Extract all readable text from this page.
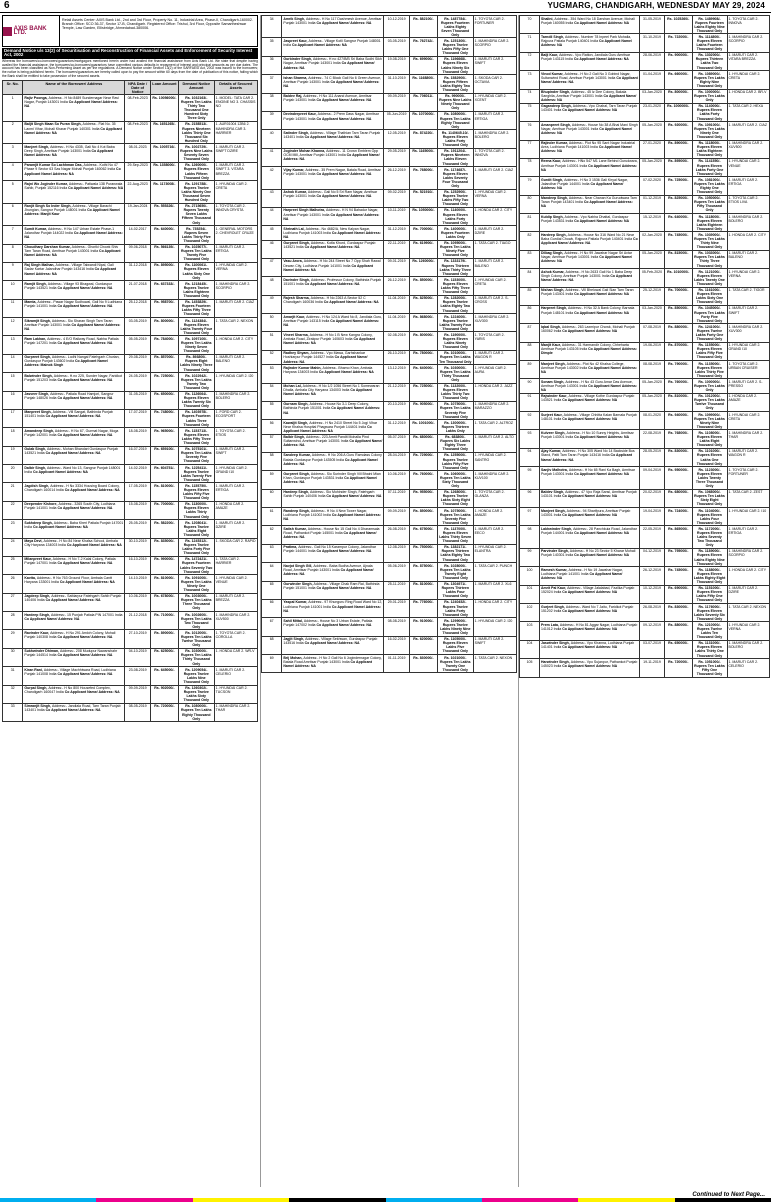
6	YUGMARG, CHANDIGARH, WEDNESDAY MAY 29, 2024
AXIS BANK LTD.
Retail Assets Center: AXIS Bank Ltd., 2nd and 3rd Floor, Property No. 11, Industrial Area, Phase-II, Chandigarh-160002. Branch Office: SCO 36-37, Sector 17-B, Chandigarh. Registered Office: Trishul, 3rd Floor, Opposite Samartheshwar Temple, Law Garden, Ellisbridge, Ahmedabad-380006.
Demand Notice u/s 13(2) of Securitisation and Reconstruction of Financial Assets and Enforcement of Security Interest Act, 2002
Whereas the borrowers/co-borrowers/guarantors/mortgagors mentioned herein under had availed the financial assistance from Axis Bank Ltd. We state that despite having availed the financial assistance, the borrowers/co-borrowers/guarantors have committed various defaults in repayment of interest and principal amounts as per due dates. The account has been classified as Non-Performing Asset as per the regulations. A Demand Notice under Section 13(2) of the SARFAESI Act, 2002 was issued to the borrowers; the notice is being published herein. The borrowers/guarantors are hereby called upon to pay the amount within 60 days from the date of publication of this notice, failing which the Bank shall be entitled to take possession of the secured assets.
Sr. No.	Name of the Borrower/ Address	NPA Date / Date of Notice	Loan Amount	Demand Notice Amount	Details of Secured Assets
1	Rajiv Poonga, Address:- H No 8489 Sundernagar Near Ravi Nagar, Punjab 143001 India Co Applicant Name/ Address: NA	08-Feb-2023	Rs. 10056000/-	Rs. 1032163/- Rupees Ten Lakhs Thirty Two Thousand One Hundred Sixty Three Only	1. MODEL: TATA CAR 2. ENGINE NO 3. CHASSIS NO
2	Baljit Singh Maan So Puran Singh, Address:- Flat No. 35 Laxmi Vihar, Mohali Kharar Punjab 140301 India Co Applicant Name/ Address: NA	08-Feb-2023	Rs. 1651265/-	Rs. 2158513/- Rupees Nineteen Lakhs Thirty One Thousand Six Hundred Only	1. AUR01004 12B6 2. MAHINDRA CAR 3. HARRIER
3	Manjeet Singh, Address:- H No 4335, Gali No 4 Kot Baba Deep Singh, Amritsar Punjab 143001 India Co Applicant Name/ Address: NA	08-01-2023	Rs. 1005716/-	Rs. 1002729/- Rupees Nine Lakhs Seventy Seven Thousand Only	1. MARUTI CAR 2. SWIFT DZIRE
4	Paramjit Kumar So Lachhman Das, Address:- Kothi No 47 Phase 9 Sector 63 Sas Nagar Mohali Punjab 160062 India Co Applicant Name/ Address: NA	29-Sep-2023	Rs. 1358000/-	Rs. 1260000/- Rupees Eleven Lakhs Fifteen Thousand Only	1. MARUTI CAR 2. SWIFT 3. VITARA BREZZA
5	Rajni Wo Joginder Kumar, Address:- Patiwala 138 Puranwala Sahib, Punjab 152116 India Co Applicant Name/ Address: NA	22-Aug-2023	Rs. 1173008/-	Rs. 1291788/- Rupees Twelve Lakhs Ninety One Thousand Seven Hundred Only	1. HYUNDAI CAR 2. CRETA
6	Ranjit Singh So Inder Singh, Address:- Village Barachi Jhungian, Sangrur Punjab 148001 India Co Applicant Name/ Address: Manjit Kaur	19-Jan-2024	Rs. 555326/-	Rs. 2715650/- Rupees Twenty Seven Lakhs Fifteen Thousand Only	1. TOYOTA CAR 2. INNOVA CRYSTA
7	Sumit Kumar, Address:- H No 147 Urban Estate Phase-1 Jalandhar Punjab 144022 India Co Applicant Name/ Address: NA	14-02-2017	Rs. 640000/-	Rs. 735254/- Rupees Seven Lakhs Thirty Five Thousand Only	1. GENERAL MOTORS 2. CHEVROLET CRUZE
8	Choudhary Darshan Kumar, Address:- Ghoriki Chowk Shiv Tarn Taran Road, Amritsar Punjab 143001 India Co Applicant Name/ Address: NA	09-06-2018	Rs. 566139/-	Rs. 1025077/- Rupees Ten Lakhs Twenty Five Thousand Only	1. MARUTI CAR 2. ERTIGA
9	Raj Singh Malhan, Address:- Village Talwandi Nipal, Gali Sadar Kartar Jalandhar Punjab 143416 India Co Applicant Name/ Address: NA	31-12-2018	Rs. 895000/-	Rs. 1100061/- Rupees Eleven Lakhs Sixty One Only	1. HYUNDAI CAR 2. VERNA
10	Ramjit Singh, Address:- Village 93 Bhagwal, Gurdaspur Punjab 143521 India Co Applicant Name/ Address: NA	21-07-2018	Rs. 637333/-	Rs. 1218445/- Rupees Twelve Lakhs Eighteen Thousand Only	1. MAHINDRA CAR 2. SCORPIO
11	Mamta, Address:- Pawar Nagar Sudhuwal, Gali No 9 Ludhiana Punjab 141001 India Co Applicant Name/ Address: NA	25-12-2018	Rs. 958700/-	Rs. 1453829/- Rupees Fourteen Lakhs Fifty Three Thousand Only	1. MARUTI CAR 2. CIAZ
12	Sikramjit Singh, Address:- Sio Sharan Singh Tarn Taran Amritsar Punjab 143001 India Co Applicant Name/ Address: NA	03-05-2019	Rs. 800000/-	Rs. 1124384/- Rupees Eleven Lakhs Twenty Four Thousand Only	1. TATA CAR 2. NEXON
13	Ram Lakhan, Address:- 4 E/O Railway Road, Nabha Patiala Punjab 147201 India Co Applicant Name/ Address: NA	05-05-2019	Rs. 784000/-	Rs. 1097100/- Rupees Ten Lakhs Ninety Seven Thousand Only	1. HONDA CAR 2. CITY
14	Gurpreet Singh, Address:- Lodhi Nangal Fatehgarh Churian, Gurdaspur Punjab 143602 India Co Applicant Name/ Address: Mainok Singh	29-08-2019	Rs. 857000/-	Rs. 893800/- Rupees Eight Lakhs Ninety Three Thousand Only	1. MARUTI CAR 2. BALENO
15	Balwinder Singh, Address:- H.no 225, Sunder Nagar, Faridkot Punjab 151203 India Co Applicant Name/ Address: NA	24-05-2019	Rs. 725000/-	Rs. 1022942/- Rupees Ten Lakhs Twenty Two Thousand Only	1. HYUNDAI CAR 2. I20
16	Jasveer Singh, Address:- Patiala Road Hamjori, Sangrur Punjab 148026 India Co Applicant Name/ Address: NA	31-05-2019	Rs. 650000/-	Rs. 1126064/- Rupees Eleven Lakhs Twenty Six Thousand Only	1. MAHINDRA CAR 2. BOLERO
17	Manpreet Singh, Address:- Vill Sangat, Bathinda Punjab 151401 India Co Applicant Name/ Address: NA	17-07-2019	Rs. 748000/-	Rs. 1403978/- Rupees Fourteen Lakhs Three Thousand Only	1. FORD CAR 2. ECOSPORT
18	Amandeep Singh, Address:- H No 67, Gurmat Nagar, Moga Punjab 142001 India Co Applicant Name/ Address: NA	18-08-2019	Rs. 965000/-	Rs. 1153713/- Rupees Eleven Lakhs Fifty Three Thousand Only	1. TOYOTA CAR 2. ETIOS
19	Gulab Singh, Address:- Mohan Bhandari Gurdaspur Punjab 143521 India Co Applicant Name/ Address: NA	16-07-2019	Rs. 659100/-	Rs. 1075101/- Rupees Ten Lakhs Seventy Five Thousand Only	1. MARUTI CAR 2. SWIFT
20	Dalbir Singh, Address:- Ward No 13, Sangrur Punjab 148001 India Co Applicant Name/ Address: NA	14-02-2019	Rs. 604751/-	Rs. 1225411/- Rupees Twelve Lakhs Twenty Five Thousand Only	1. HYUNDAI CAR 2. GRAND I10
21	Jagdish Singh, Address:- H No 3334 Housing Board Colony, Chandigarh 160014 India Co Applicant Name/ Address: NA	17-05-2019	Rs. 810000/-	Rs. 1155750/- Rupees Eleven Lakhs Fifty Five Thousand Only	1. MARUTI CAR 2. ERTIGA
22	Deepender Kishore, Address:- 3265 South City, Ludhiana Punjab 141001 India Co Applicant Name/ Address: NA	15-08-2019	Rs. 700000/-	Rs. 1130000/- Rupees Eleven Lakhs Thirty Thousand Only	1. HONDA CAR 2. AMAZE
23	Sukhdeep Singh, Address:- Baba Kheri Patiala Punjab 147001 India Co Applicant Name/ Address: NA	25-05-2019	Rs. 582200/-	Rs. 1208041/- Rupees Twelve Lakhs Eight Thousand Only	1. MARUTI CAR 2. DZIRE
24	Maya Devi, Address:- H No 84 Near Khalsa School, Ambala City Haryana 134003 India Co Applicant Name/ Address: NA	30-10-2019	Rs. 835000/-	Rs. 1245312/- Rupees Twelve Lakhs Forty Five Thousand Only	1. SKODA CAR 2. RAPID
25	Milanpreet Kaur, Address:- H No 7-2 Kalal Colony, Patiala Punjab 147001 India Co Applicant Name/ Address: NA	16-10-2019	Rs. 990000/-	Rs. 1472421/- Rupees Fourteen Lakhs Seventy Two Thousand Only	1. TATA CAR 2. HARRIER
26	Kavita, Address:- H No 763 Ground Floor, Ambala Cantt Haryana 133001 India Co Applicant Name/ Address: NA	14-10-2019	Rs. 810000/-	Rs. 1091000/- Rupees Ten Lakhs Ninety One Thousand Only	1. HYUNDAI CAR 2. VENUE
27	Jagdeep Singh, Address:- Safdarpur Fatehgarh Sahib Punjab 140406 India Co Applicant Name/ Address: NA	10-06-2019	Rs. 678000/-	Rs. 1003000/- Rupees Ten Lakhs Three Thousand Only	1. MARUTI CAR 2. BREZZA
28	Hardeep Singh, Address:- 15 Punjab Patiala PIN 147001 India Co Applicant Name/ Address: NA	21-12-2018	Rs. 710000/-	Rs. 1002600/- Rupees Ten Lakhs Two Thousand Only	1. MAHINDRA CAR 2. XUV500
29	Ravinder Kaur, Address:- H No 291 Amloh Colony, Mohali Punjab 140308 India Co Applicant Name/ Address: NA	27-10-2019	Rs. 890000/-	Rs. 1012000/- Rupees Ten Lakhs Twelve Thousand Only	1. TOYOTA CAR 2. COROLLA
30	Sukhwinder Dhiman, Address:- 208 Mudupur Nawanshahr Punjab 144514 India Co Applicant Name/ Address: NA	04-10-2019	Rs. 625000/-	Rs. 1030000/- Rupees Ten Lakhs Thirty Thousand Only	1. HONDA CAR 2. WR-V
31	Kiran Rani, Address:- Village Machhiwara Road, Ludhiana Punjab 141008 India Co Applicant Name/ Address: NA	23-08-2019	Rs. 645000/-	Rs. 1209054/- Rupees Twelve Lakhs Nine Thousand Only	1. MARUTI CAR 2. CELERIO
32	Gurpal Singh, Address:- H No 800 Housefed Complex, Chandigarh 160047 India Co Applicant Name/ Address: NA	09-09-2019	Rs. 902000/-	Rs. 1260302/- Rupees Twelve Lakhs Sixty Thousand Only	1. HYUNDAI CAR 2. TUCSON
33	Simranjit Singh, Address:- Jandiala Road, Tarn Taran Punjab 143401 India Co Applicant Name/ Address: NA	08-05-2019	Rs. 720000/-	Rs. 1080000/- Rupees Ten Lakhs Eighty Thousand Only	1. MAHINDRA CAR 2. THAR
34	Amrik Singh, Address:- H No 117 Dashmesh Avenue, Amritsar Punjab 143001 India Co Applicant Name/ Address: NA	10-12-2019	Rs. 882100/-	Rs. 1487784/- Rupees Fourteen Lakhs Eighty Seven Thousand Only	1. TOYOTA CAR 2. FORTUNER
35	Jaspreet Kaur, Address:- Village Kotli Sangrur Punjab 148001 India Co Applicant Name/ Address: NA	03-05-2019	Rs. 762742/-	Rs. 1251300/- Rupees Twelve Lakhs Fifty One Thousand Only	1. MAHINDRA CAR 2. SCORPIO
36	Gurbinder Singh, Address:- H no 427/B/B Sri Baba Sodhi Sikh Nagar, Amritsar Punjab 143001 India Co Applicant Name/ Address: NA	19-08-2019	Rs. 699000/-	Rs. 1196668/- Rupees Eleven Lakhs Ninety Six Thousand Only	1. MARUTI CAR 2. SWIFT
37	Ishan Sharma, Address:- 74 C Block Gali No 6 Green Avenue, Amritsar Punjab 143001 India Co Applicant Name/ Address: NA	31-10-2019	Rs. 1168800/-	Rs. 1582900/- Rupees Fifteen Lakhs Eighty Two Thousand Only	1. SKODA CAR 2. OCTAVIA
38	Baldev Raj, Address:- H No 111 Anand Avenue, Amritsar Punjab 143001 India Co Applicant Name/ Address: NA	09-09-2019	Rs. 706011/-	Rs. 990000/- Rupees Nine Lakhs Ninety Thousand Only	1. HYUNDAI CAR 2. XCENT
39	Devinderpreet Kaur, Address:- 2 Prem Dass Nagar, Amritsar Punjab 143001 India Co Applicant Name/ Address: NA	05-Jun-2019	Rs. 1070000/-	Rs. 1080000/- Rupees Ten Lakhs Eighty Thousand Only	1. MARUTI CAR 2. ERTIGA
40	Satinder Singh, Address:- Village Thathian Tarn Taran Punjab 143401 India Co Applicant Name/ Address: NA	12-05-2019	Rs. 874220/-	Rs. 1140645.10/- Rupees Eleven Lakhs Forty Thousand Only	1. MAHINDRA CAR 2. BOLERO
41	Joginder Mohan Khanna, Address:- 11 Crown Emblem Opp OCM Mill, Amritsar Punjab 143001 India Co Applicant Name/ Address: NA	29-05-2019	Rs. 1165000/-	Rs. 1911204/- Rupees Nineteen Lakhs Eleven Thousand Only	1. TOYOTA CAR 2. INNOVA
42	Vijay Kumar, Address:- 35 Prem Nagar, Batala Road, Amritsar Punjab 143001 India Co Applicant Name/ Address: NA	26-12-2019	Rs. 768000/-	Rs. 1174687/- Rupees Eleven Lakhs Seventy Four Thousand Only	1. MARUTI CAR 2. CIAZ
43	Ashok Kumar, Address:- Gali No 5 Sri Ram Nagar, Amritsar Punjab 143001 India Co Applicant Name/ Address: NA	09-02-2019	Rs. 521910/-	Rs. 1252900/- Rupees Twelve Lakhs Fifty Two Thousand Only	1. HYUNDAI CAR 2. VERNA
44	Harpreet Singh Malhotra, Address:- H N 94 Bahadur Nagar, Amritsar Punjab 143001 India Co Applicant Name/ Address: NA	10-11-2019	Rs. 1050000/-	Rs. 1140000/- Rupees Eleven Lakhs Forty Thousand Only	1. HONDA CAR 2. CITY
45	Shrinath Lal, Address:- No 4682/A, New Kalyan Nagar, Ludhiana Punjab 141003 India Co Applicant Name/ Address: NA	31-12-2019	Rs. 700000/-	Rs. 1400000/- Rupees Fourteen Lakhs Only	1. MARUTI CAR 2. DZIRE
46	Gurpreet Singh, Address:- Kotla Khurd, Gurdaspur Punjab 143521 India Co Applicant Name/ Address: NA	22-11-2019	Rs. 619900/-	Rs. 1095000/- Rupees Ten Lakhs Ninety Five Thousand Only	1. TATA CAR 2. TIAGO
47	Vasu Arora, Address:- H No 244 Street No 7 Opp Shah Rawal Dewan City, Ludhiana Punjab 141001 India Co Applicant Name/ Address: NA	09-01-2019	Rs. 1260000/-	Rs. 1333179/- Rupees Thirteen Lakhs Thirty Three Thousand Only	1. MARUTI CAR 2. BALENO
48	Davinder Singh, Address:- Professor Colony, Bathinda Punjab 151001 India Co Applicant Name/ Address: NA	26-12-2019	Rs. 850000/-	Rs. 1153000/- Rupees Eleven Lakhs Fifty Three Thousand Only	1. HYUNDAI CAR 2. CRETA
49	Rajesh Sharma, Address:- H No 2263 A Sector 52 C Chandigarh 160036 India Co Applicant Name/ Address: NA	11-04-2019	Rs. 825000/-	Rs. 1282000/- Rupees Twelve Lakhs Eighty Two Thousand Only	1. MARUTI CAR 2. S-CROSS
50	Amarjit Kaur, Address:- H No 124 A Ward No 8, Jandiala Guru, Amritsar Punjab 143115 India Co Applicant Name/ Address: NA	11-04-2019	Rs. 868000/-	Rs. 1224000/- Rupees Twelve Lakhs Twenty Four Thousand Only	1. MAHINDRA CAR 2. XUV300
51	Vineet Sharma, Address:- H No 1 B New Kangra Colony, Ambala Road, Zirakpur Punjab 140603 India Co Applicant Name/ Address: NA	02-08-2019	Rs. 800000/-	Rs. 1190000/- Rupees Eleven Lakhs Ninety Thousand Only	1. TOYOTA CAR 2. YARIS
52	Radhey Shyam, Address:- Vpo Mawa, Garhshankar Hoshiarpur Punjab 144527 India Co Applicant Name/ Address: NA	26-10-2019	Rs. 780000/-	Rs. 1010000/- Rupees Ten Lakhs Ten Thousand Only	1. MARUTI CAR 2. WAGON R
53	Rajinder Kumar Mahin, Address:- Bhamo Khan, Ambala Haryana 134003 India Co Applicant Name/ Address: NA	13-12-2019	Rs. 640000/-	Rs. 1030000/- Rupees Ten Lakhs Thirty Thousand Only	1. HYUNDAI CAR 2. AURA
54	Mohan Lal, Address:- H No 1/2 1056 Street No 1 Somewaran Dhalla, Ambala City Haryana 134003 India Co Applicant Name/ Address: NA	21-12-2019	Rs. 725000/-	Rs. 1132000/- Rupees Eleven Lakhs Thirty Two Thousand Only	1. HONDA CAR 2. JAZZ
55	Gurnam Singh, Address:- House No 3-1 Deep Colony, Bathinda Punjab 151001 India Co Applicant Name/ Address: NA	20-10-2019	Rs. 905000/-	Rs. 1075000/- Rupees Ten Lakhs Seventy Five Thousand Only	1. MAHINDRA CAR 2. MARAZZO
56	Kawaljit Singh, Address:- H No 2410 Street No 5 Jogi Vihar Near Khalsa Hospital Phagwara Punjab 144401 India Co Applicant Name/ Address: NA	31-12-2019	Rs. 1001000/-	Rs. 1300000/- Rupees Thirteen Lakhs Only	1. TATA CAR 2. ALTROZ
57	Balbir Singh, Address:- 223 Amrit Pandit Mohalla Pind Sultanwind, Amritsar Punjab 143001 India Co Applicant Name/ Address: NA	05-07-2019	Rs. 680000/-	Rs. 683800/- Rupees Six Lakhs Eighty Three Thousand Only	1. MARUTI CAR 2. ALTO
58	Sandeep Kumar, Address:- H No 206 A Guru Ramdass Colony Batala Gurdaspur Punjab 143505 India Co Applicant Name/ Address: NA	28-04-2019	Rs. 729000/-	Rs. 1255000/- Rupees Twelve Lakhs Fifty Five Thousand Only	1. HYUNDAI CAR 2. SANTRO
59	Gurpreet Singh, Address:- Sio Surinder Singh Vill Bhaini Mian Khan, Gurdaspur Punjab 143531 India Co Applicant Name/ Address: NA	10-06-2019	Rs. 760000/-	Rs. 1060000/- Rupees Ten Lakhs Sixty Thousand Only	1. MAHINDRA CAR 2. KUV100
60	Hardeep Singh, Address:- Sio Mohinder Singh, Fatehgarh Sahib Punjab 140406 India Co Applicant Name/ Address: NA	07-11-2019	Rs. 955000/-	Rs. 1268000/- Rupees Twelve Lakhs Sixty Eight Thousand Only	1. TOYOTA CAR 2. GLANZA
61	Randeep Singh, Address:- H No 4 New Tower Nagar, Ludhiana Punjab 141002 India Co Applicant Name/ Address: NA	09-09-2019	Rs. 850000/-	Rs. 1075000/- Rupees Ten Lakhs Seventy Five Thousand Only	1. HONDA CAR 2. AMAZE
62	Satish Kumar, Address:- House No 15 Gali No 4 Dharamsala Road, Pathankot Punjab 145001 India Co Applicant Name/ Address: NA	26-08-2019	Rs. 675000/-	Rs. 1137000/- Rupees Eleven Lakhs Thirty Seven Thousand Only	1. MARUTI CAR 2. EECO
63	Pratima, Address:- Gali No 15 Karampur Colony, Jalandhar Punjab 144001 India Co Applicant Name/ Address: NA	12-08-2019	Rs. 750000/-	Rs. 1382171/- Rupees Thirteen Lakhs Eighty Two Thousand Only	1. HYUNDAI CAR 2. ELANTRA
64	Navjot Singh Gill, Address:- Baba Budha Avenue, Ajnala Road, Amritsar Punjab 143001 India Co Applicant Name/ Address: NA	05-06-2019	Rs. 875000/-	Rs. 1028000/- Rupees Ten Lakhs Twenty Eight Thousand Only	1. TATA CAR 2. PUNCH
65	Gurwinder Singh, Address:- Village Chak Ram Rai, Bathinda Punjab 151001 India Co Applicant Name/ Address: NA	25-11-2019	Rs. 810000/-	Rs. 1304971/- Rupees Thirteen Lakhs Four Thousand Only	1. MARUTI CAR 2. XL6
66	Yaspal Kumar, Address:- 97 Khunguru Ring Road Ward No 12, Ludhiana Punjab 141001 India Co Applicant Name/ Address: NA	29-01-2019	Rs. 776000/-	Rs. 1240452/- Rupees Twelve Lakhs Forty Thousand Only	1. HONDA CAR 2. CITY
67	Sahil Mittal, Address:- House No 3 Urban Estate, Patiala Punjab 147002 India Co Applicant Name/ Address: NA	08-08-2019	Rs. 910000/-	Rs. 1299000/- Rupees Twelve Lakhs Ninety Nine Thousand Only	1. HYUNDAI CAR 2. I20
68	Jagjit Singh, Address:- Village Sekhwan, Gurdaspur Punjab 143516 India Co Applicant Name/ Address: NA	16-02-2019	Rs. 620000/-	Rs. 1105000/- Rupees Eleven Lakhs Five Thousand Only	1. MARUTI CAR 2. SWIFT
69	Brij Mohan, Address:- H No 2 Gali No 6 Jogindernagar Colony, Batala Road Amritsar Punjab 143001 India Co Applicant Name/ Address: NA	01-11-2019	Rs. 830000/-	Rs. 1021000/- Rupees Ten Lakhs Twenty One Thousand Only	1. TATA CAR 2. NEXON
70	Shalini, Address:- 354 Ward No 18 Darshan Avenue, Mohali Punjab 160055 India Co Applicant Name/ Address: NA	31-05-2019	Rs. 1025260/-	Rs. 1489908/- Rupees Fourteen Lakhs Eighty Nine Thousand Only	1. TOYOTA CAR 2. INNOVA
71	Tarndil Singh, Address:- Number 78 Inpeel Park Mohalla, Rajpura Patiala Punjab 140401 India Co Applicant Name/ Address: NA	31-10-2019	Rs. 722000/-	Rs. 1114800/- Rupees Eleven Lakhs Fourteen Thousand Only	1. MAHINDRA CAR 2. SCORPIO
72	Balji Kaur, Address:- Vpo Ratton, Jandiala Guru Amritsar Punjab 143115 India Co Applicant Name/ Address: NA	28-06-2019	Rs. 900000/-	Rs. 1302000/- Rupees Thirteen Lakhs Two Thousand Only	1. MARUTI CAR 2. VITARA BREZZA
73	Vinod Kumar, Address:- H No 2 Gali No 3 Gobind Nagar, Sultanwind Road, Amritsar Punjab 143001 India Co Applicant Name/ Address: NA	01-04-2019	Rs. 660000/-	Rs. 1089000/- Rupees Ten Lakhs Eighty Nine Thousand Only	1. HYUNDAI CAR 2. CRETA
74	Bhupinder Singh, Address:- 45 Iz Dee Colony, Bakala Sanghila, Amritsar Punjab 143001 India Co Applicant Name/ Address: NA	03-Jan-2020	Rs. 800000/-	Rs. 1000000/- Rupees Ten Lakhs Only	1. HONDA CAR 2. BR-V
75	Gagandeep Singh, Address:- Vpo Chahal, Tarn Taran Punjab 143401 India Co Applicant Name/ Address: NA	23-01-2020	Rs. 1000000/-	Rs. 1140000/- Rupees Eleven Lakhs Forty Thousand Only	1. TATA CAR 2. HEXA
76	Amanpreet Singh, Address:- House No 38 A Bhai Mani Singh Nagar, Amritsar Punjab 143001 India Co Applicant Name/ Address: NA	05-Jan-2020	Rs. 920000/-	Rs. 1091000/- Rupees Ten Lakhs Ninety One Thousand Only	1. MARUTI CAR 2. CIAZ
77	Rajinder Kumar, Address:- Plot No 95 Sant Nagar Industrial Area, Ludhiana Punjab 141003 India Co Applicant Name/ Address: NA	27-01-2020	Rs. 890000/-	Rs. 1118000/- Rupees Eleven Lakhs Eighteen Thousand Only	1. MAHINDRA CAR 2. XUV500
78	Reena Kaur, Address:- HNo 547 M1 Lane Behind Gurudwara, Amritsar Punjab 143001 India Co Applicant Name/ Address: NA	05-Jan-2020	Rs. 895000/-	Rs. 1141550/- Rupees Eleven Lakhs Forty One Thousand Only	1. HYUNDAI CAR 2. VENUE
79	Gurdit Singh, Address:- H No 3 1536 Gali Kiryal Nagar, Jalandhar Punjab 144001 India Co Applicant Name/ Address: NA	07-02-2020	Rs. 725000/-	Rs. 1081000/- Rupees Ten Lakhs Eighty One Thousand Only	1. MARUTI CAR 2. ERTIGA
80	Mandeep Singh, Address:- Near Chanan Ka Gurudwara Tarn Taran Punjab 143401 India Co Applicant Name/ Address: NA	01-12-2019	Rs. 825000/-	Rs. 1050000/- Rupees Ten Lakhs Fifty Thousand Only	1. TOYOTA CAR 2. ETIOS LIVA
81	Kuldip Singh, Address:- Vpo Nabha Dhattal, Gurdaspur Punjab 143531 India Co Applicant Name/ Address: NA	15-12-2019	Rs. 640000/-	Rs. 1118000/- Rupees Eleven Lakhs Eighteen Thousand Only	1. MAHINDRA CAR 2. BOLERO
82	Hardeep Singh, Address:- House No 316 Ward No 21 Near Baba Gurdial Chowk, Rajpura Patiala Punjab 140401 India Co Applicant Name/ Address: NA	02-Jan-2020	Rs. 745000/-	Rs. 1039000/- Rupees Ten Lakhs Thirty Nine Thousand Only	1. HONDA CAR 2. CITY
83	Dilbag Singh, Address:- H No 99 Jawahar Nagar Sri Avtar Nagar, Amritsar Punjab 143001 India Co Applicant Name/ Address: NA	05-Jan-2020	Rs. 815000/-	Rs. 1033000/- Rupees Ten Lakhs Thirty Three Thousand Only	1. MARUTI CAR 2. BALENO
84	Ashok Kumar, Address:- H No 2633 Gali No 1 Baba Deep Singh Colony, Amritsar Punjab 143001 India Co Applicant Name/ Address: NA	05-Feb-2020	Rs. 1010000/-	Rs. 1121000/- Rupees Eleven Lakhs Twenty One Thousand Only	1. HYUNDAI CAR 2. VERNA
85	Nishan Singh, Address:- Vill Bhelowal Gali Sian Tarn Taran Punjab 143401 India Co Applicant Name/ Address: NA	25-12-2019	Rs. 700000/-	Rs. 1161000/- Rupees Eleven Lakhs Sixty One Thousand Only	1. TATA CAR 2. TIGOR
86	Harpreet Singh, Address:- H No 32 A Bank Colony, Barnala Punjab 148101 India Co Applicant Name/ Address: NA	03-Jan-2020	Rs. 850000/-	Rs. 1045000/- Rupees Ten Lakhs Forty Five Thousand Only	1. MARUTI CAR 2. SWIFT
87	Iqbal Singh, Address:- 263 Laxmipur Chowk, Mohali Punjab 160062 India Co Applicant Name/ Address: NA	07-08-2019	Rs. 880000/-	Rs. 1241000/- Rupees Twelve Lakhs Forty One Thousand Only	1. MAHINDRA CAR 2. XUV300
88	Manjit Kaur, Address:- 31 Harmandir Colony, Chheharta Amritsar Punjab 143105 India Co Applicant Name/ Address: Dimple	19-06-2019	Rs. 870000/-	Rs. 1155000/- Rupees Eleven Lakhs Fifty Five Thousand Only	1. HYUNDAI CAR 2. GRAND I10
89	Manjeet Singh, Address:- Plot No 42 Khalsa College, Amritsar Punjab 143002 India Co Applicant Name/ Address: NA	08-08-2019	Rs. 790000/-	Rs. 1135000/- Rupees Eleven Lakhs Thirty Five Thousand Only	1. TOYOTA CAR 2. URBAN CRUISER
90	Sonam Singh, Address:- H No 43 Guru Amar Das Avenue, Amritsar Punjab 143001 India Co Applicant Name/ Address: NA	05-Jan-2020	Rs. 760000/-	Rs. 1000000/- Rupees Ten Lakhs Only	1. MARUTI CAR 2. S-PRESSO
91	Rajwinder Kaur, Address:- Village Kothe Gurdaspur Punjab 143521 India Co Applicant Name/ Address: NA	05-Jan-2020	Rs. 810000/-	Rs. 1012000/- Rupees Ten Lakhs Twelve Thousand Only	1. HONDA CAR 2. AMAZE
92	Surjeet Kaur, Address:- Village Chhitta Kalan Barnala Punjab 148101 India Co Applicant Name/ Address: NA	08-01-2020	Rs. 940000/-	Rs. 1099000/- Rupees Ten Lakhs Ninety Nine Thousand Only	1. HYUNDAI CAR 2. CRETA
93	Kulveer Singh, Address:- H No 10 Sunny Heights, Amritsar Punjab 143001 India Co Applicant Name/ Address: NA	22-08-2019	Rs. 768000/-	Rs. 1108000/- Rupees Eleven Lakhs Eight Thousand Only	1. MAHINDRA CAR 2. THAR
94	Ajay Kumar, Address:- H No 305 Ward No 14 Backside Bus Stand, Patti Tarn Taran Punjab 143416 India Co Applicant Name/ Address: NA	28-05-2019	Rs. 830000/-	Rs. 1101000/- Rupees Eleven Lakhs One Thousand Only	1. MARUTI CAR 2. WAGON R
95	Sanjiv Malhotra, Address:- H No 65 Rani Ka Bagh, Amritsar Punjab 143001 India Co Applicant Name/ Address: NA	09-04-2019	Rs. 950000/-	Rs. 1123000/- Rupees Eleven Lakhs Twenty Three Thousand Only	1. TOYOTA CAR 2. FORTUNER
96	Baldev Singh, Address:- 47 Vpo Raja Sansi, Amritsar Punjab 143101 India Co Applicant Name/ Address: NA	20-02-2019	Rs. 680000/-	Rs. 1068000/- Rupees Ten Lakhs Sixty Eight Thousand Only	1. TATA CAR 2. ZEST
97	Manjeet Singh, Address:- 94 Sharifpura, Amritsar Punjab 143001 India Co Applicant Name/ Address: NA	19-04-2019	Rs. 724000/-	Rs. 1104000/- Rupees Eleven Lakhs Four Thousand Only	1. HYUNDAI CAR 2. I10
98	Lakhwinder Singh, Address:- 28 Panchkuia Road, Jalandhar Punjab 144001 India Co Applicant Name/ Address: NA	22-05-2019	Rs. 865000/-	Rs. 1172000/- Rupees Eleven Lakhs Seventy Two Thousand Only	1. MARUTI CAR 2. ERTIGA
99	Parvinder Singh, Address:- H No 23 Sector 5 Kharar Mohali Punjab 140301 India Co Applicant Name/ Address: NA	04-12-2019	Rs. 795000/-	Rs. 1189000/- Rupees Eleven Lakhs Eighty Nine Thousand Only	1. MAHINDRA CAR 2. SCORPIO
100	Ramesh Kumar, Address:- H No 19 Jawahar Nagar, Ludhiana Punjab 141001 India Co Applicant Name/ Address: NA	26-12-2019	Rs. 745000/-	Rs. 1188000/- Rupees Eleven Lakhs Eighty Eight Thousand Only	1. HONDA CAR 2. CITY
101	Amrit Pal Kaur, Address:- Village Jalalabad, Fazilka Punjab 152024 India Co Applicant Name/ Address: NA	10-12-2019	Rs. 690000/-	Rs. 1151000/- Rupees Eleven Lakhs Fifty One Thousand Only	1. MARUTI CAR 2. DZIRE
102	Gurjeet Singh, Address:- Ward No 7 Jaitu, Faridkot Punjab 151202 India Co Applicant Name/ Address: NA	26-08-2019	Rs. 830000/-	Rs. 1176000/- Rupees Eleven Lakhs Seventy Six Thousand Only	1. TATA CAR 2. NEXON
103	Prem Lata, Address:- H No 81 Aggar Nagar, Ludhiana Punjab 141012 India Co Applicant Name/ Address: NA	09-12-2019	Rs. 880000/-	Rs. 1210000/- Rupees Twelve Lakhs Ten Thousand Only	1. HYUNDAI CAR 2. VERNA
104	Jaswinder Singh, Address:- Vpo Khanna, Ludhiana Punjab 141401 India Co Applicant Name/ Address: NA	03-07-2019	Rs. 650000/-	Rs. 1131000/- Rupees Eleven Lakhs Thirty One Thousand Only	1. MAHINDRA CAR 2. BOLERO
105	Harwinder Singh, Address:- Vpo Sujanpur, Pathankot Punjab 145023 India Co Applicant Name/ Address: NA	19-11-2019	Rs. 720000/-	Rs. 1051000/- Rupees Ten Lakhs Fifty One Thousand Only	1. MARUTI CAR 2. CELERIO
Continued to Next Page...
